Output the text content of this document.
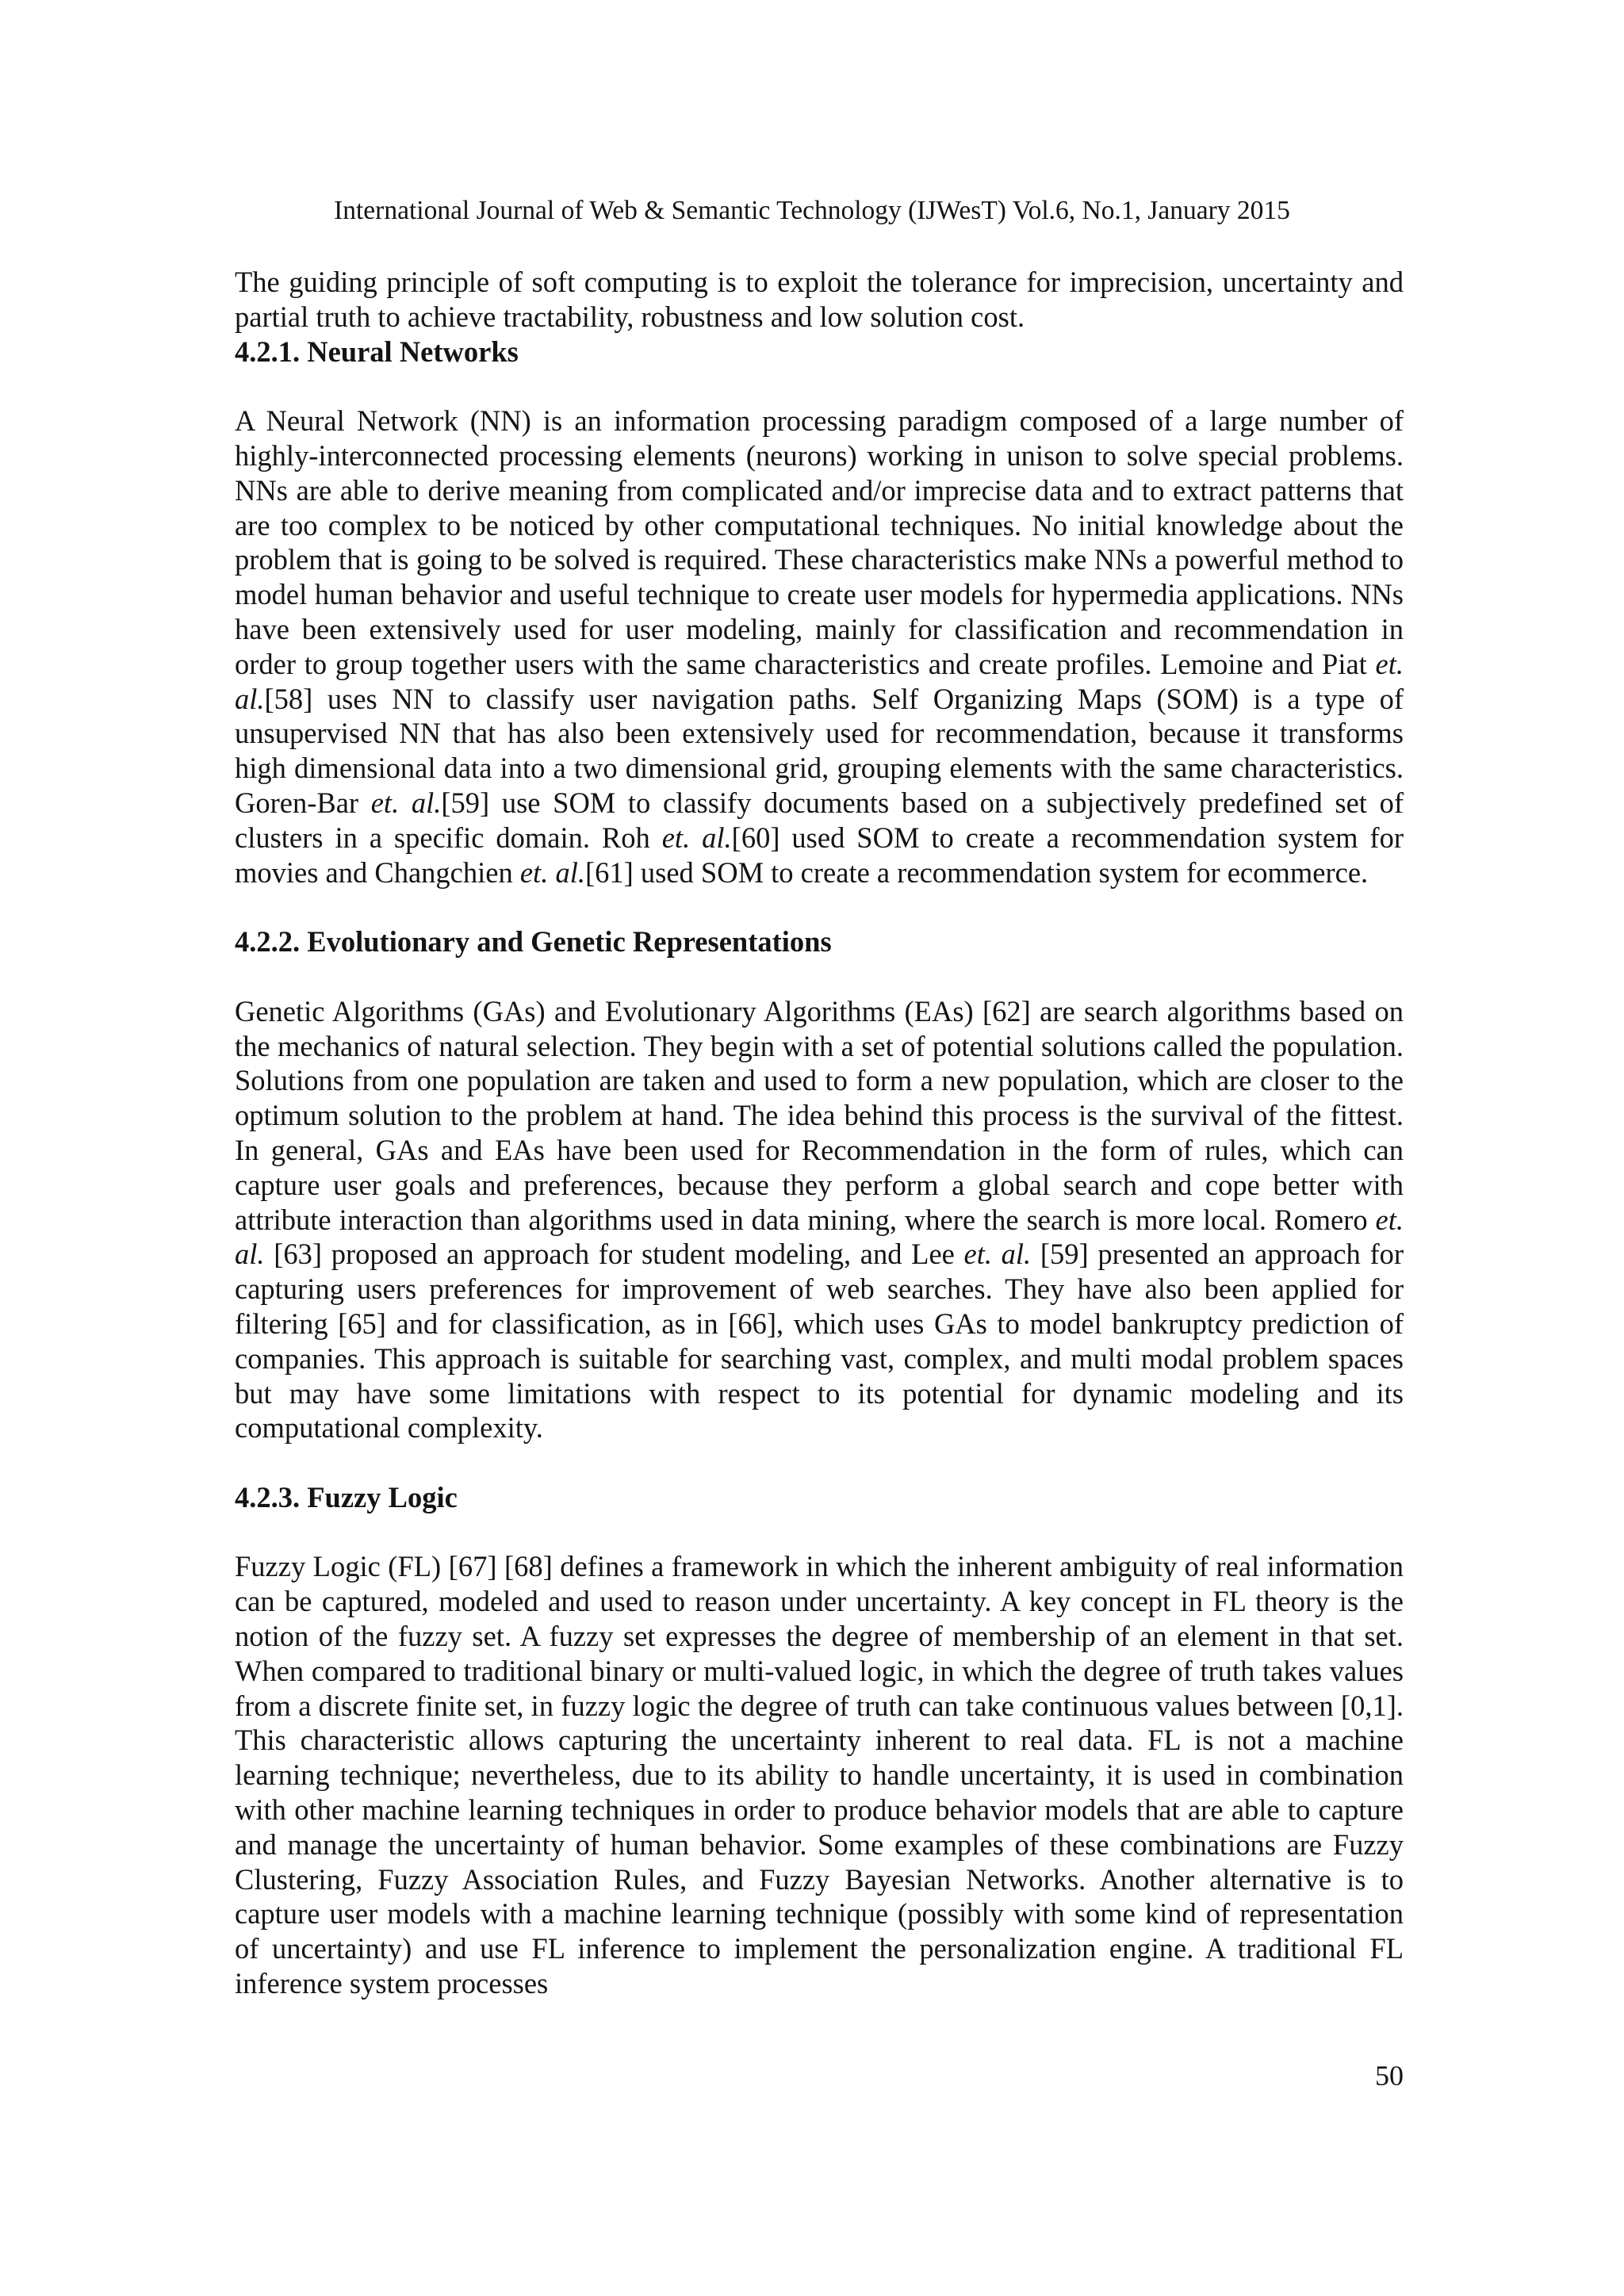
International Journal of Web & Semantic Technology (IJWesT) Vol.6, No.1, January 2015

The guiding principle of soft computing is to exploit the tolerance for imprecision, uncertainty and partial truth to achieve tractability, robustness and low solution cost.

4.2.1. Neural Networks

A Neural Network (NN) is an information processing paradigm composed of a large number of highly-interconnected processing elements (neurons) working in unison to solve special problems. NNs are able to derive meaning from complicated and/or imprecise data and to extract patterns that are too complex to be noticed by other computational techniques. No initial knowledge about the problem that is going to be solved is required. These characteristics make NNs a powerful method to model human behavior and useful technique to create user models for hypermedia applications. NNs have been extensively used for user modeling, mainly for classification and recommendation in order to group together users with the same characteristics and create profiles. Lemoine and Piat et. al.[58] uses NN to classify user navigation paths. Self Organizing Maps (SOM) is a type of unsupervised NN that has also been extensively used for recommendation, because it transforms high dimensional data into a two dimensional grid, grouping elements with the same characteristics. Goren-Bar et. al.[59] use SOM to classify documents based on a subjectively predefined set of clusters in a specific domain. Roh et. al.[60] used SOM to create a recommendation system for movies and Changchien et. al.[61] used SOM to create a recommendation system for ecommerce.

4.2.2. Evolutionary and Genetic Representations

Genetic Algorithms (GAs) and Evolutionary Algorithms (EAs) [62] are search algorithms based on the mechanics of natural selection. They begin with a set of potential solutions called the population. Solutions from one population are taken and used to form a new population, which are closer to the optimum solution to the problem at hand. The idea behind this process is the survival of the fittest. In general, GAs and EAs have been used for Recommendation in the form of rules, which can capture user goals and preferences, because they perform a global search and cope better with attribute interaction than algorithms used in data mining, where the search is more local. Romero et. al. [63] proposed an approach for student modeling, and Lee et. al. [59] presented an approach for capturing users preferences for improvement of web searches. They have also been applied for filtering [65] and for classification, as in [66], which uses GAs to model bankruptcy prediction of companies. This approach is suitable for searching vast, complex, and multi modal problem spaces but may have some limitations with respect to its potential for dynamic modeling and its computational complexity.

4.2.3. Fuzzy Logic

Fuzzy Logic (FL) [67] [68] defines a framework in which the inherent ambiguity of real information can be captured, modeled and used to reason under uncertainty. A key concept in FL theory is the notion of the fuzzy set. A fuzzy set expresses the degree of membership of an element in that set. When compared to traditional binary or multi-valued logic, in which the degree of truth takes values from a discrete finite set, in fuzzy logic the degree of truth can take continuous values between [0,1]. This characteristic allows capturing the uncertainty inherent to real data. FL is not a machine learning technique; nevertheless, due to its ability to handle uncertainty, it is used in combination with other machine learning techniques in order to produce behavior models that are able to capture and manage the uncertainty of human behavior. Some examples of these combinations are Fuzzy Clustering, Fuzzy Association Rules, and Fuzzy Bayesian Networks. Another alternative is to capture user models with a machine learning technique (possibly with some kind of representation of uncertainty) and use FL inference to implement the personalization engine. A traditional FL inference system processes

50
